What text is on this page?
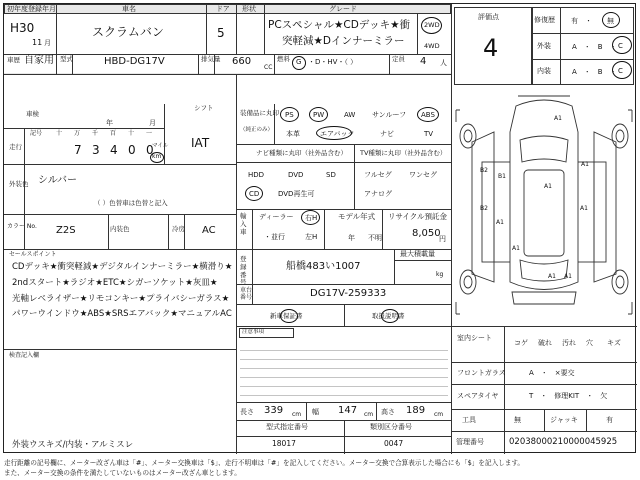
初年度登録年月	車名	ドア 形状	グレード
H30
11 月
スクラムバン	5
PCスペシャル★CDデッキ★衝
突軽減★Dインナーミラー
2WD
4WD
車歴 自家用 型式	HBD-DG17V	排気量 660
CC
燃料 G ・D・HV・（ ）	定員 4 人
車検
年	月
シフト
IAT
走行
記号 十 万 千 百 十 一
7 3 4 0 0
マイル
km
外装色 シルバー
（ ）色替車は色替と記入
カラー No. Z2S	内装色	冷房 AC
セールスポイント
CDデッキ★衝突軽減★デジタルインナーミラー★横滑り★
2ndスタート★ラジオ★ETC★シガーソケット★灰皿★
光軸レベライザー★リモコンキー★プライバシーガラス★
パワーウインドウ★ABS★SRSエアバック★マニュアルAC
検査記入欄
外装ウスキズ/内装・アルミスレ
装備品に丸印
（純正のみ）
PS	PW	AW サンルーフ ABS
本革	エアバック	ナビ	TV
ナビ種類に丸印（社外品含む） TV種類に丸印（社外品含む）
HDD	DVD	SD
CD	DVD再生可
フルセグ ワンセグ
アナログ
輸入車
ディーラー
・並行
右H
左H
モデル年式
年 不明
リサイクル預託金
8,050
円
登録番号
船橋483い1007
最大積載量
kg
車台番号	DG17V-259333
新車保証書	取扱説明書
注意事項
長さ 339 cm 幅 147 cm 高さ 189 cm
型式指定番号
18017
類別区分番号
0047
評価点
4
修復歴 有　・ 無
外装	A　・　B　・ C
内装	A　・　B　・ C
A1
A1
A1
A1
B2
B2
B1
A1
A1
A1 A1
室内シート
コゲ 破れ 汚れ 穴 キズ
フロントガラス	A　・　×要交
スペアタイヤ	T　・　修理KIT　・　欠
工具	無	ジャッキ	有
管理番号	02038000210000045925
走行距離の記号欄に、メーター改ざん車は「#」、メーター交換車は「$」、走行不明車は「#」を記入してください。メーター交換で合算表示した場合にも「$」を記入します。
また、メーター交換の条件を満たしていないものはメーター改ざん車とします。
